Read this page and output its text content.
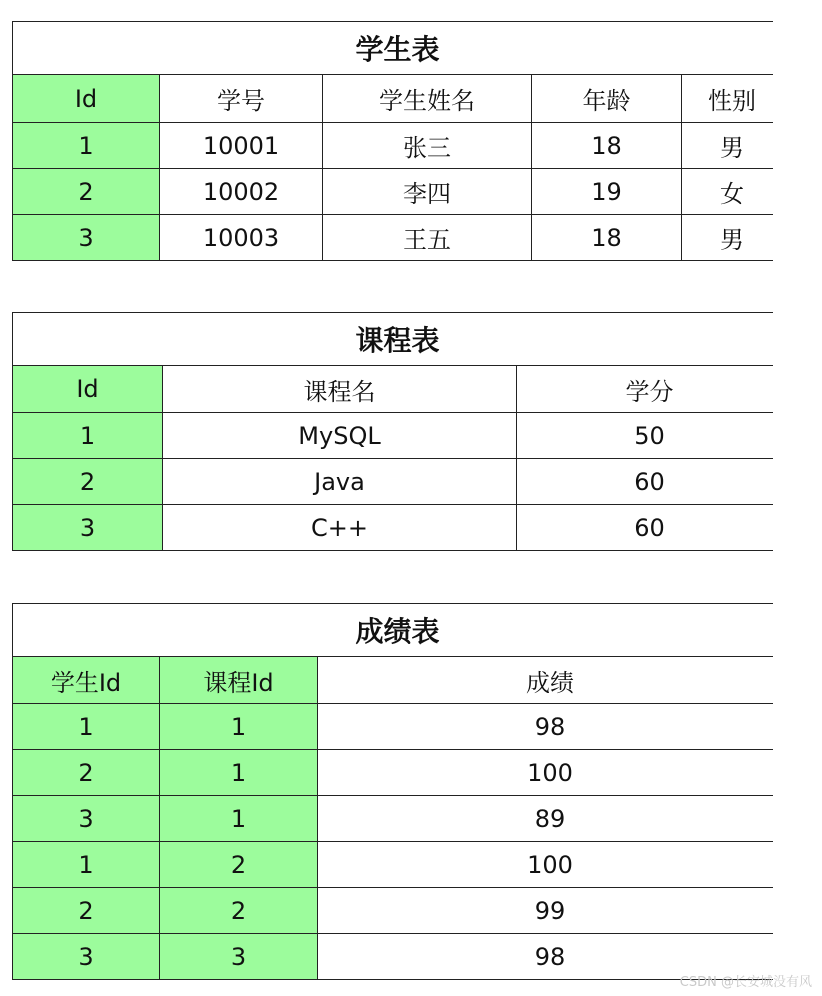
学生表				
Id	学号	学生姓名	年龄	性别
1	10001	张三	18	男
2	10002	李四	19	女
3	10003	王五	18	男
课程表		
Id	课程名	学分
1	MySQL	50
2	Java	60
3	C++	60
成绩表		
学生Id	课程Id	成绩
1	1	98
2	1	100
3	1	89
1	2	100
2	2	99
3	3	98
CSDN @长安城没有风
